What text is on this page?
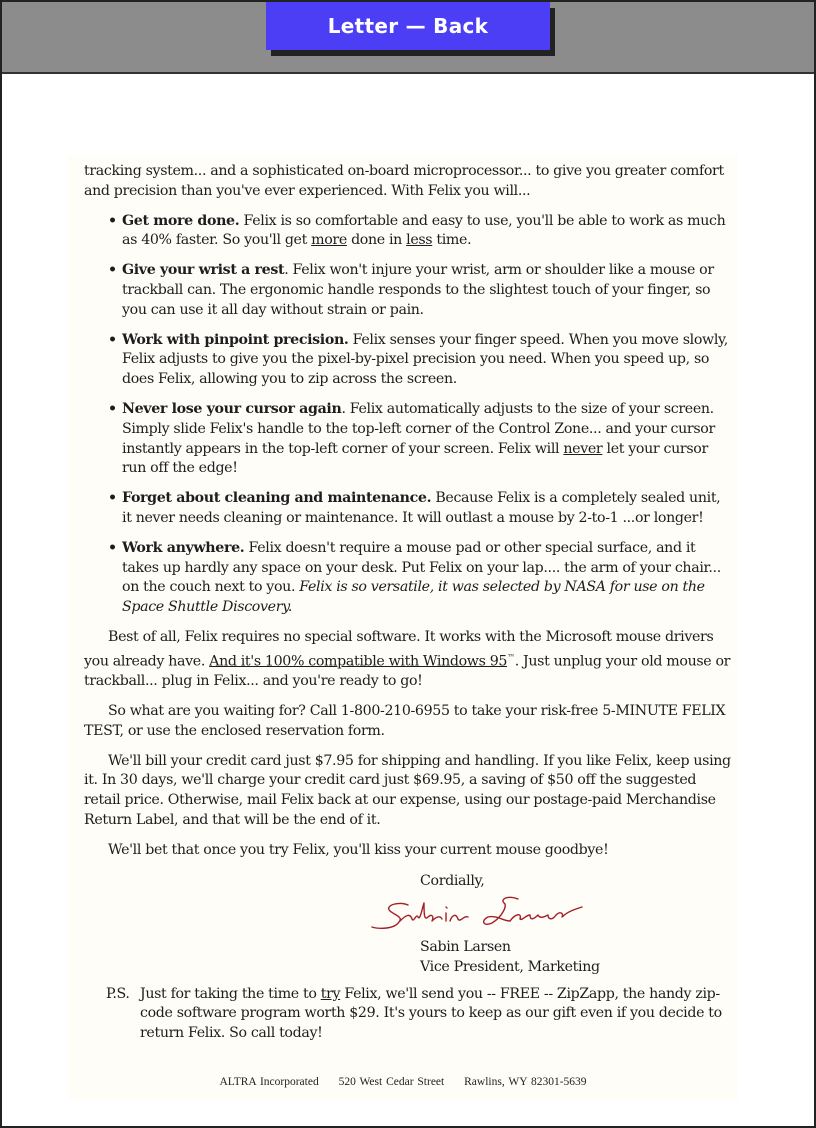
Letter — Back

tracking system... and a sophisticated on-board microprocessor... to give you greater comfort and precision than you've ever experienced. With Felix you will...

• Get more done. Felix is so comfortable and easy to use, you'll be able to work as much as 40% faster. So you'll get more done in less time.
• Give your wrist a rest. Felix won't injure your wrist, arm or shoulder like a mouse or trackball can. The ergonomic handle responds to the slightest touch of your finger, so you can use it all day without strain or pain.
• Work with pinpoint precision. Felix senses your finger speed. When you move slowly, Felix adjusts to give you the pixel-by-pixel precision you need. When you speed up, so does Felix, allowing you to zip across the screen.
• Never lose your cursor again. Felix automatically adjusts to the size of your screen. Simply slide Felix's handle to the top-left corner of the Control Zone... and your cursor instantly appears in the top-left corner of your screen. Felix will never let your cursor run off the edge!
• Forget about cleaning and maintenance. Because Felix is a completely sealed unit, it never needs cleaning or maintenance. It will outlast a mouse by 2-to-1 ...or longer!
• Work anywhere. Felix doesn't require a mouse pad or other special surface, and it takes up hardly any space on your desk. Put Felix on your lap.... the arm of your chair... on the couch next to you. Felix is so versatile, it was selected by NASA for use on the Space Shuttle Discovery.

Best of all, Felix requires no special software. It works with the Microsoft mouse drivers you already have. And it's 100% compatible with Windows 95™. Just unplug your old mouse or trackball... plug in Felix... and you're ready to go!

So what are you waiting for? Call 1-800-210-6955 to take your risk-free 5-MINUTE FELIX TEST, or use the enclosed reservation form.

We'll bill your credit card just $7.95 for shipping and handling. If you like Felix, keep using it. In 30 days, we'll charge your credit card just $69.95, a saving of $50 off the suggested retail price. Otherwise, mail Felix back at our expense, using our postage-paid Merchandise Return Label, and that will be the end of it.

We'll bet that once you try Felix, you'll kiss your current mouse goodbye!

Cordially,
Sabin Larsen
Vice President, Marketing
P.S. Just for taking the time to try Felix, we'll send you -- FREE -- ZipZapp, the handy zip-code software program worth $29. It's yours to keep as our gift even if you decide to return Felix. So call today!
ALTRA Incorporated 520 West Cedar Street Rawlins, WY 82301-5639
